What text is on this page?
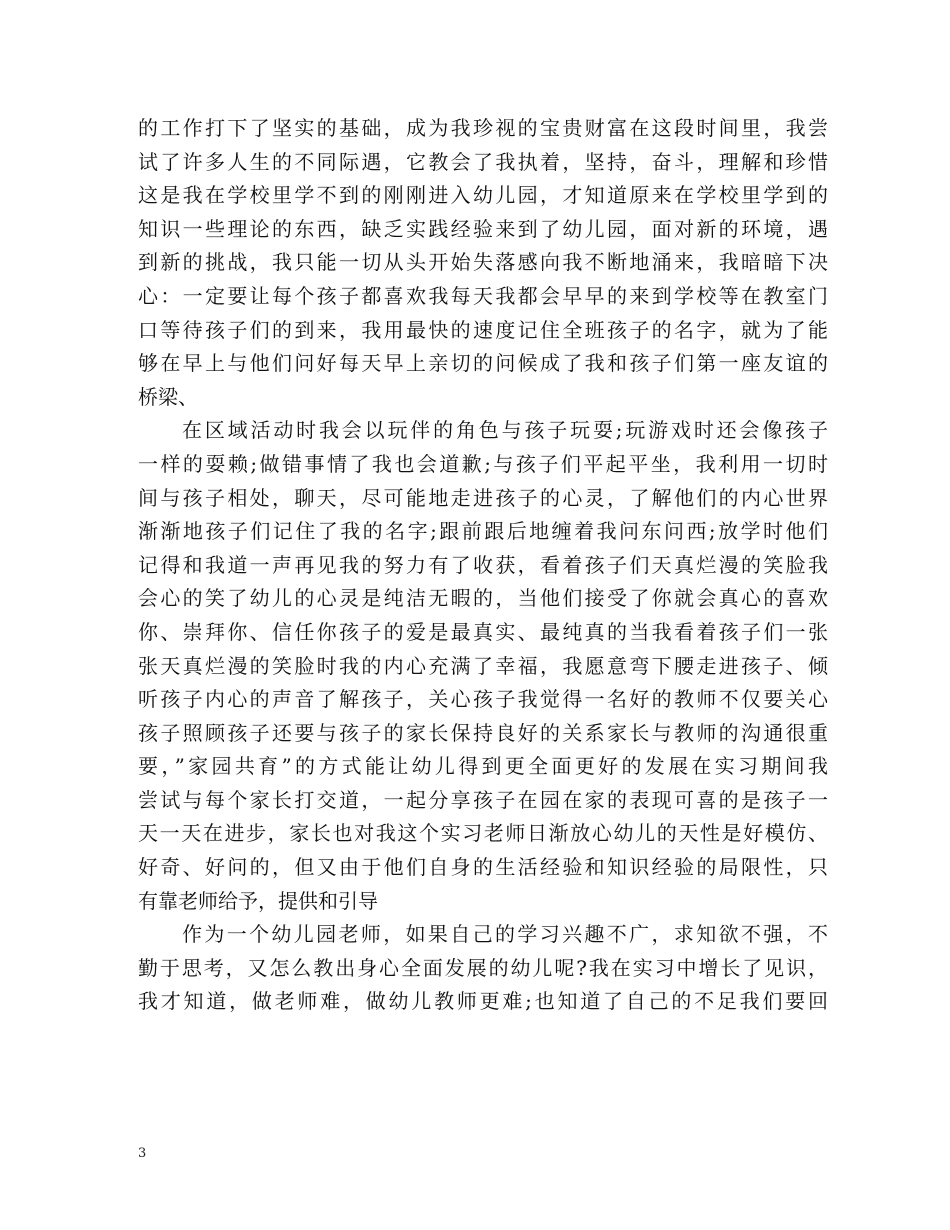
的工作打下了坚实的基础，成为我珍视的宝贵财富在这段时间里，我尝
试了许多人生的不同际遇，它教会了我执着，坚持，奋斗，理解和珍惜
这是我在学校里学不到的刚刚进入幼儿园，才知道原来在学校里学到的
知识一些理论的东西，缺乏实践经验来到了幼儿园，面对新的环境，遇
到新的挑战，我只能一切从头开始失落感向我不断地涌来，我暗暗下决
心：一定要让每个孩子都喜欢我每天我都会早早的来到学校等在教室门
口等待孩子们的到来，我用最快的速度记住全班孩子的名字，就为了能
够在早上与他们问好每天早上亲切的问候成了我和孩子们第一座友谊的
桥梁、
在区域活动时我会以玩伴的角色与孩子玩耍;玩游戏时还会像孩子
一样的耍赖;做错事情了我也会道歉;与孩子们平起平坐，我利用一切时
间与孩子相处，聊天，尽可能地走进孩子的心灵，了解他们的内心世界
渐渐地孩子们记住了我的名字;跟前跟后地缠着我问东问西;放学时他们
记得和我道一声再见我的努力有了收获，看着孩子们天真烂漫的笑脸我
会心的笑了幼儿的心灵是纯洁无暇的，当他们接受了你就会真心的喜欢
你、崇拜你、信任你孩子的爱是最真实、最纯真的当我看着孩子们一张
张天真烂漫的笑脸时我的内心充满了幸福，我愿意弯下腰走进孩子、倾
听孩子内心的声音了解孩子，关心孩子我觉得一名好的教师不仅要关心
孩子照顾孩子还要与孩子的家长保持良好的关系家长与教师的沟通很重
要，”家园共育”的方式能让幼儿得到更全面更好的发展在实习期间我
尝试与每个家长打交道，一起分享孩子在园在家的表现可喜的是孩子一
天一天在进步，家长也对我这个实习老师日渐放心幼儿的天性是好模仿、
好奇、好问的，但又由于他们自身的生活经验和知识经验的局限性，只
有靠老师给予，提供和引导
作为一个幼儿园老师，如果自己的学习兴趣不广，求知欲不强，不
勤于思考，又怎么教出身心全面发展的幼儿呢?我在实习中增长了见识，
我才知道，做老师难，做幼儿教师更难;也知道了自己的不足我们要回
3
